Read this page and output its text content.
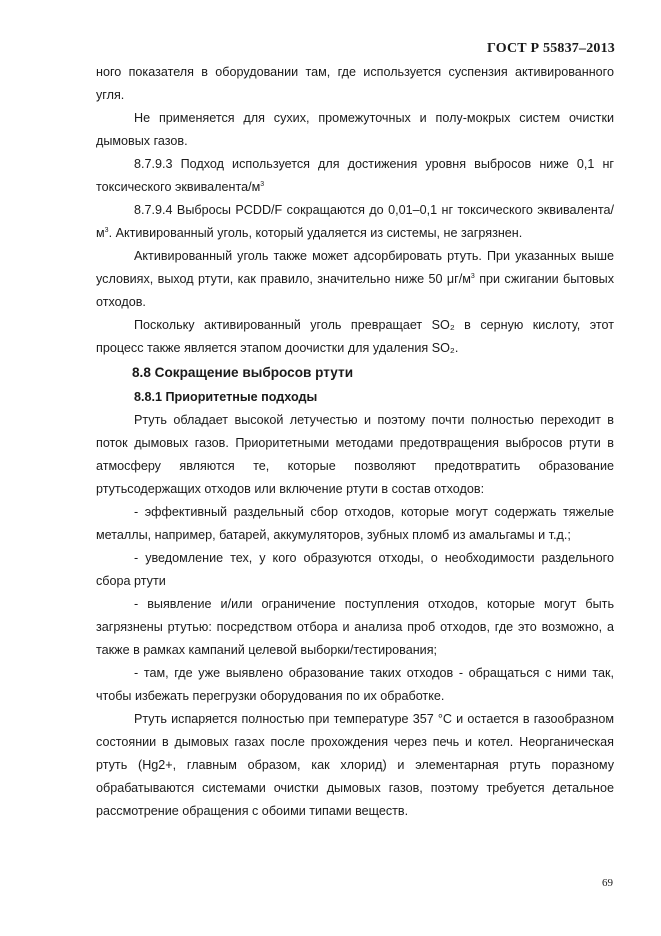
ГОСТ Р 55837–2013

ного показателя в оборудовании там, где используется суспензия активированного угля.

Не применяется для сухих, промежуточных и полу-мокрых систем очистки дымовых газов.

8.7.9.3 Подход используется для достижения уровня выбросов ниже 0,1 нг токсического эквивалента/$м^3$

8.7.9.4 Выбросы PCDD/F сокращаются до 0,01–0,1 нг токсического эквивалента/$м^3$. Активированный уголь, который удаляется из системы, не загрязнен.

Активированный уголь также может адсорбировать ртуть. При указанных выше условиях, выход ртути, как правило, значительно ниже 50 $\mu г/м^3$ при сжигании бытовых отходов.

Поскольку активированный уголь превращает SO₂ в серную кислоту, этот процесс также является этапом доочистки для удаления SO₂.

8.8 Сокращение выбросов ртути

8.8.1 Приоритетные подходы

Ртуть обладает высокой летучестью и поэтому почти полностью переходит в поток дымовых газов. Приоритетными методами предотвращения выбросов ртути в атмосферу являются те, которые позволяют предотвратить образование ртутьсодержащих отходов или включение ртути в состав отходов:

- эффективный раздельный сбор отходов, которые могут содержать тяжелые металлы, например, батарей, аккумуляторов, зубных пломб из амальгамы и т.д.;

- уведомление тех, у кого образуются отходы, о необходимости раздельного сбора ртути

- выявление и/или ограничение поступления отходов, которые могут быть загрязнены ртутью: посредством отбора и анализа проб отходов, где это возможно, а также в рамках кампаний целевой выборки/тестирования;

- там, где уже выявлено образование таких отходов - обращаться с ними так, чтобы избежать перегрузки оборудования по их обработке.

Ртуть испаряется полностью при температуре 357 °С и остается в газообразном состоянии в дымовых газах после прохождения через печь и котел. Неорганическая ртуть (Hg2+, главным образом, как хлорид) и элементарная ртуть поразному обрабатываются системами очистки дымовых газов, поэтому требуется детальное рассмотрение обращения с обоими типами веществ.

69
